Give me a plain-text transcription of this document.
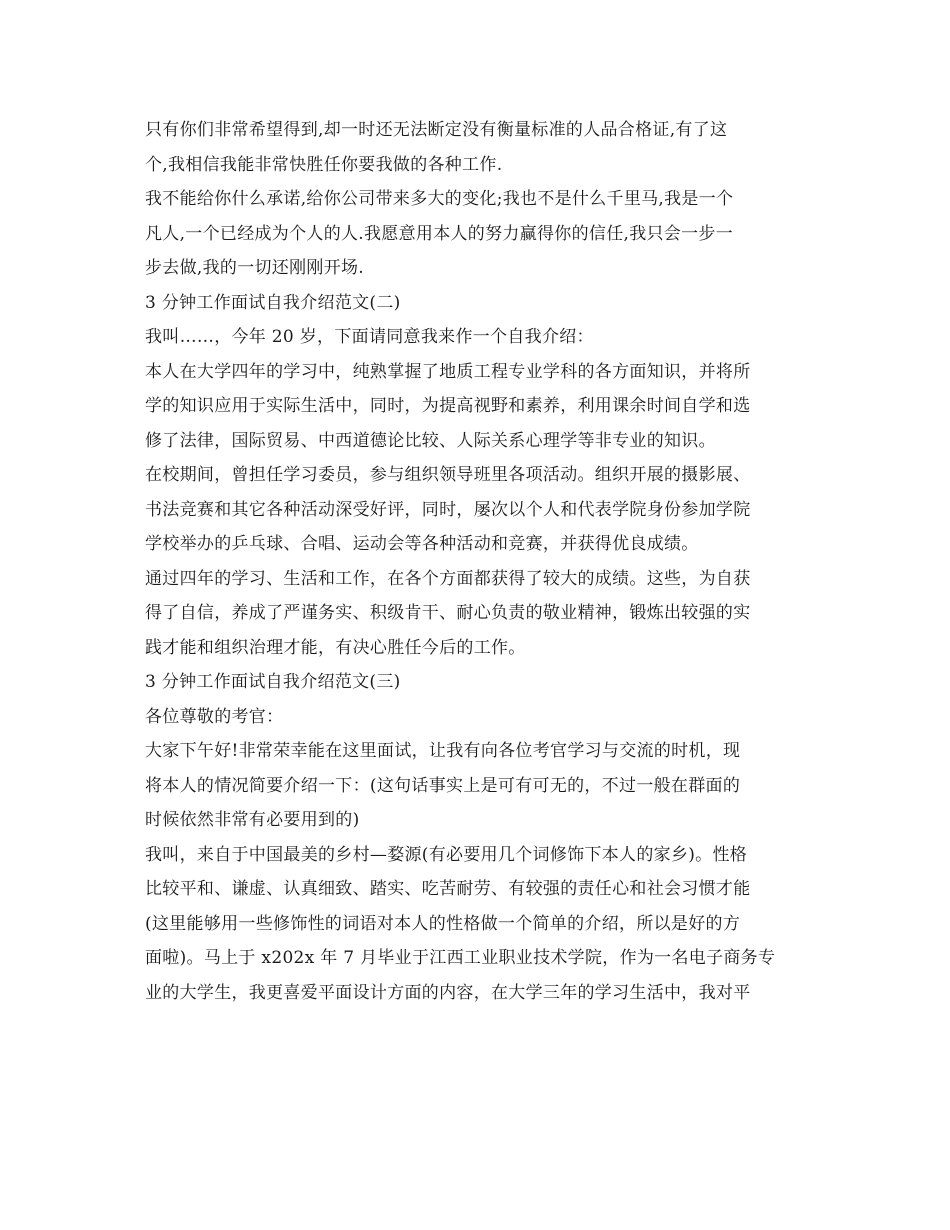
只有你们非常希望得到,却一时还无法断定没有衡量标准的人品合格证,有了这
个,我相信我能非常快胜任你要我做的各种工作.
我不能给你什么承诺,给你公司带来多大的变化;我也不是什么千里马,我是一个
凡人,一个已经成为个人的人.我愿意用本人的努力赢得你的信任,我只会一步一
步去做,我的一切还刚刚开场.
3 分钟工作面试自我介绍范文(二)
我叫……，今年 20 岁，下面请同意我来作一个自我介绍：
本人在大学四年的学习中，纯熟掌握了地质工程专业学科的各方面知识，并将所
学的知识应用于实际生活中，同时，为提高视野和素养，利用课余时间自学和选
修了法律，国际贸易、中西道德论比较、人际关系心理学等非专业的知识。
在校期间，曾担任学习委员，参与组织领导班里各项活动。组织开展的摄影展、
书法竞赛和其它各种活动深受好评，同时，屡次以个人和代表学院身份参加学院
学校举办的乒乓球、合唱、运动会等各种活动和竞赛，并获得优良成绩。
通过四年的学习、生活和工作，在各个方面都获得了较大的成绩。这些，为自获
得了自信，养成了严谨务实、积级肯干、耐心负责的敬业精神，锻炼出较强的实
践才能和组织治理才能，有决心胜任今后的工作。
3 分钟工作面试自我介绍范文(三)
各位尊敬的考官：
大家下午好!非常荣幸能在这里面试，让我有向各位考官学习与交流的时机，现
将本人的情况简要介绍一下：(这句话事实上是可有可无的，不过一般在群面的
时候依然非常有必要用到的)
我叫，来自于中国最美的乡村—婺源(有必要用几个词修饰下本人的家乡)。性格
比较平和、谦虚、认真细致、踏实、吃苦耐劳、有较强的责任心和社会习惯才能
(这里能够用一些修饰性的词语对本人的性格做一个简单的介绍，所以是好的方
面啦)。马上于 x202x 年 7 月毕业于江西工业职业技术学院，作为一名电子商务专
业的大学生，我更喜爱平面设计方面的内容，在大学三年的学习生活中，我对平
